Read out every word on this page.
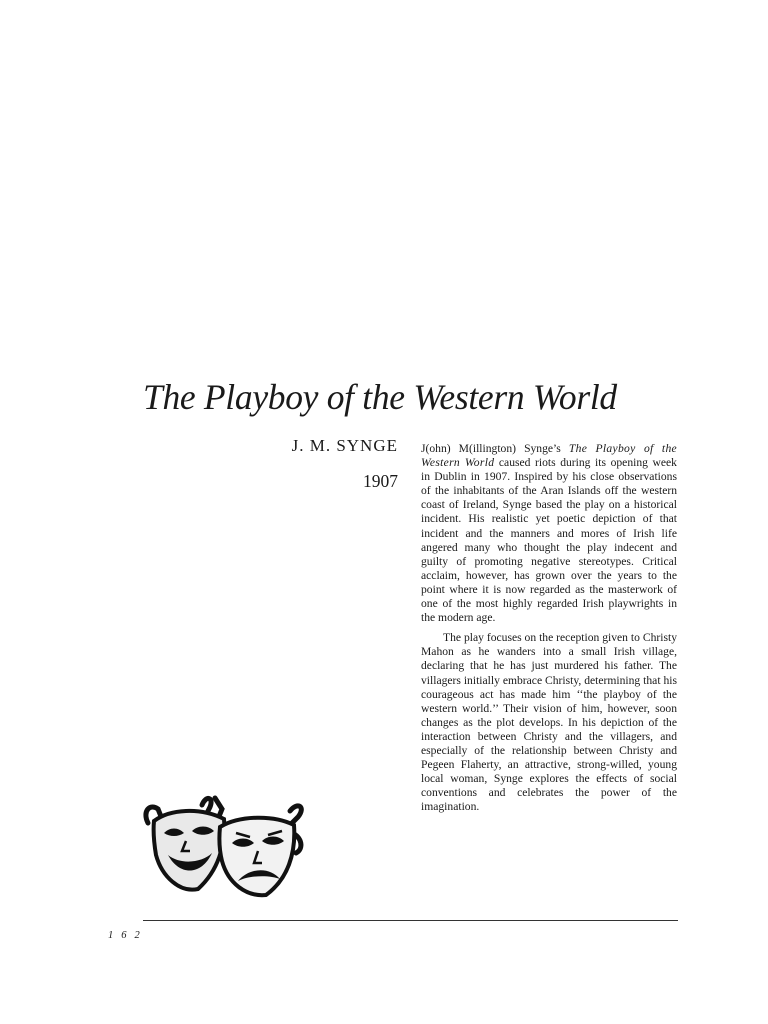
The Playboy of the Western World
J. M. SYNGE
1907

J(ohn) M(illington) Synge’s The Playboy of the Western World caused riots during its opening week in Dublin in 1907. Inspired by his close observations of the inhabitants of the Aran Islands off the western coast of Ireland, Synge based the play on a historical incident. His realistic yet poetic depiction of that incident and the manners and mores of Irish life angered many who thought the play indecent and guilty of promoting negative stereotypes. Critical acclaim, however, has grown over the years to the point where it is now regarded as the masterwork of one of the most highly regarded Irish playwrights in the modern age.

The play focuses on the reception given to Christy Mahon as he wanders into a small Irish village, declaring that he has just murdered his father. The villagers initially embrace Christy, determining that his courageous act has made him ‘‘the playboy of the western world.’’ Their vision of him, however, soon changes as the plot develops. In his depiction of the interaction between Christy and the villagers, and especially of the relationship between Christy and Pegeen Flaherty, an attractive, strong-willed, young local woman, Synge explores the effects of social conventions and celebrates the power of the imagination.

162
